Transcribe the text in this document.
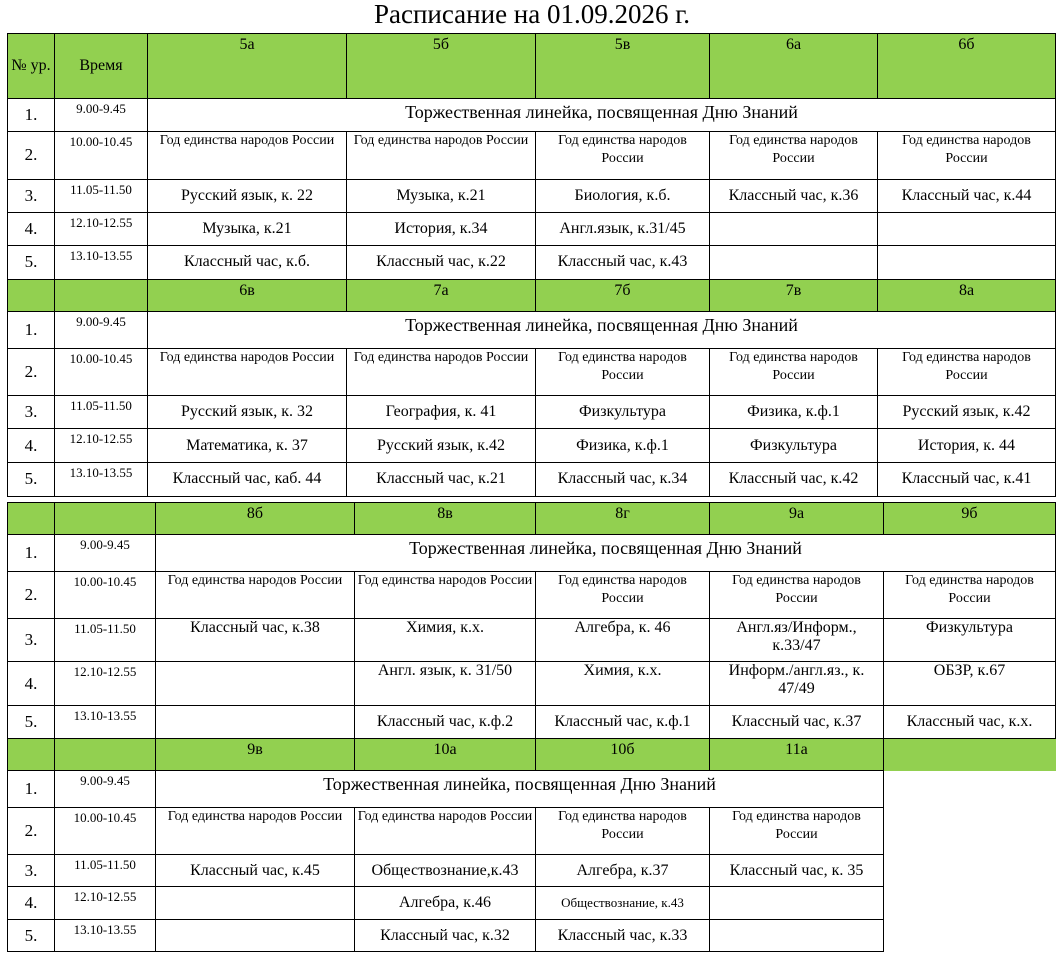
Расписание на 01.09.2026 г.
№ ур.	Время	5а	5б	5в	6а	6б
1.	9.00-9.45	Торжественная линейка, посвященная Дню Знаний				
2.	10.00-10.45	Год единства народов России	Год единства народов России	Год единства народов России	Год единства народов России	Год единства народов России
3.	11.05-11.50	Русский язык, к. 22	Музыка, к.21	Биология, к.б.	Классный час, к.36	Классный час, к.44
4.	12.10-12.55	Музыка, к.21	История, к.34	Англ.язык, к.31/45		
5.	13.10-13.55	Классный час, к.б.	Классный час, к.22	Классный час, к.43		
		6в	7а	7б	7в	8а
1.	9.00-9.45	Торжественная линейка, посвященная Дню Знаний				
2.	10.00-10.45	Год единства народов России	Год единства народов России	Год единства народов России	Год единства народов России	Год единства народов России
3.	11.05-11.50	Русский язык, к. 32	География, к. 41	Физкультура	Физика, к.ф.1	Русский язык, к.42
4.	12.10-12.55	Математика, к. 37	Русский язык, к.42	Физика, к.ф.1	Физкультура	История, к. 44
5.	13.10-13.55	Классный час, каб. 44	Классный час, к.21	Классный час, к.34	Классный час, к.42	Классный час, к.41
		8б	8в	8г	9а	9б
1.	9.00-9.45	Торжественная линейка, посвященная Дню Знаний				
2.	10.00-10.45	Год единства народов России	Год единства народов России	Год единства народов России	Год единства народов России	Год единства народов России
3.	11.05-11.50	Классный час, к.38	Химия, к.х.	Алгебра, к. 46	Англ.яз/Информ., к.33/47	Физкультура
4.	12.10-12.55		Англ. язык, к. 31/50	Химия, к.х.	Информ./англ.яз., к. 47/49	ОБЗР, к.67
5.	13.10-13.55		Классный час, к.ф.2	Классный час, к.ф.1	Классный час, к.37	Классный час, к.х.
		9в	10а	10б	11а	
1.	9.00-9.45	Торжественная линейка, посвященная Дню Знаний				
2.	10.00-10.45	Год единства народов России	Год единства народов России	Год единства народов России	Год единства народов России	
3.	11.05-11.50	Классный час, к.45	Обществознание,к.43	Алгебра, к.37	Классный час, к. 35	
4.	12.10-12.55		Алгебра, к.46	Обществознание, к.43		
5.	13.10-13.55		Классный час, к.32	Классный час, к.33		
